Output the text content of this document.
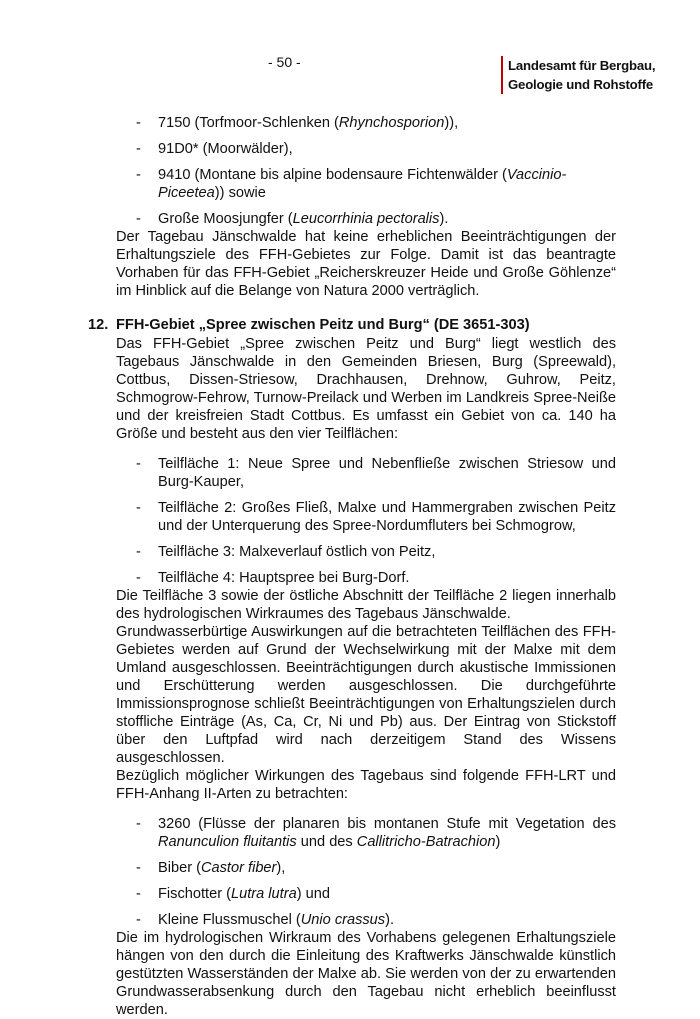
- 50 -	Landesamt für Bergbau,
Geologie und Rohstoffe
-	7150 (Torfmoor-Schlenken (Rhynchosporion)),
-	91D0* (Moorwälder),
-	9410 (Montane bis alpine bodensaure Fichtenwälder (Vaccinio-Piceetea)) sowie
-	Große Moosjungfer (Leucorrhinia pectoralis).

Der Tagebau Jänschwalde hat keine erheblichen Beeinträchtigungen der Erhaltungsziele des FFH-Gebietes zur Folge. Damit ist das beantragte Vorhaben für das FFH-Gebiet „Reicherskreuzer Heide und Große Göhlenze“ im Hinblick auf die Belange von Natura 2000 verträglich.

12. FFH-Gebiet „Spree zwischen Peitz und Burg“ (DE 3651-303)

Das FFH-Gebiet „Spree zwischen Peitz und Burg“ liegt westlich des Tagebaus Jänschwalde in den Gemeinden Briesen, Burg (Spreewald), Cottbus, Dissen-Striesow, Drachhausen, Drehnow, Guhrow, Peitz, Schmogrow-Fehrow, Turnow-Preilack und Werben im Landkreis Spree-Neiße und der kreisfreien Stadt Cottbus. Es umfasst ein Gebiet von ca. 140 ha Größe und besteht aus den vier Teilflächen:

-	Teilfläche 1: Neue Spree und Nebenfließe zwischen Striesow und Burg-Kauper,
-	Teilfläche 2: Großes Fließ, Malxe und Hammergraben zwischen Peitz und der Unterquerung des Spree-Nordumfluters bei Schmogrow,
-	Teilfläche 3: Malxeverlauf östlich von Peitz,
-	Teilfläche 4: Hauptspree bei Burg-Dorf.

Die Teilfläche 3 sowie der östliche Abschnitt der Teilfläche 2 liegen innerhalb des hydrologischen Wirkraumes des Tagebaus Jänschwalde.

Grundwasserbürtige Auswirkungen auf die betrachteten Teilflächen des FFH-Gebietes werden auf Grund der Wechselwirkung mit der Malxe mit dem Umland ausgeschlossen. Beeinträchtigungen durch akustische Immissionen und Erschütterung werden ausgeschlossen. Die durchgeführte Immissionsprognose schließt Beeinträchtigungen von Erhaltungszielen durch stoffliche Einträge (As, Ca, Cr, Ni und Pb) aus. Der Eintrag von Stickstoff über den Luftpfad wird nach derzeitigem Stand des Wissens ausgeschlossen.

Bezüglich möglicher Wirkungen des Tagebaus sind folgende FFH-LRT und FFH-Anhang II-Arten zu betrachten:

-	3260 (Flüsse der planaren bis montanen Stufe mit Vegetation des Ranunculion fluitantis und des Callitricho-Batrachion)
-	Biber (Castor fiber),
-	Fischotter (Lutra lutra) und
-	Kleine Flussmuschel (Unio crassus).

Die im hydrologischen Wirkraum des Vorhabens gelegenen Erhaltungsziele hängen von den durch die Einleitung des Kraftwerks Jänschwalde künstlich gestützten Wasserständen der Malxe ab. Sie werden von der zu erwartenden Grundwasserabsenkung durch den Tagebau nicht erheblich beeinflusst werden.
